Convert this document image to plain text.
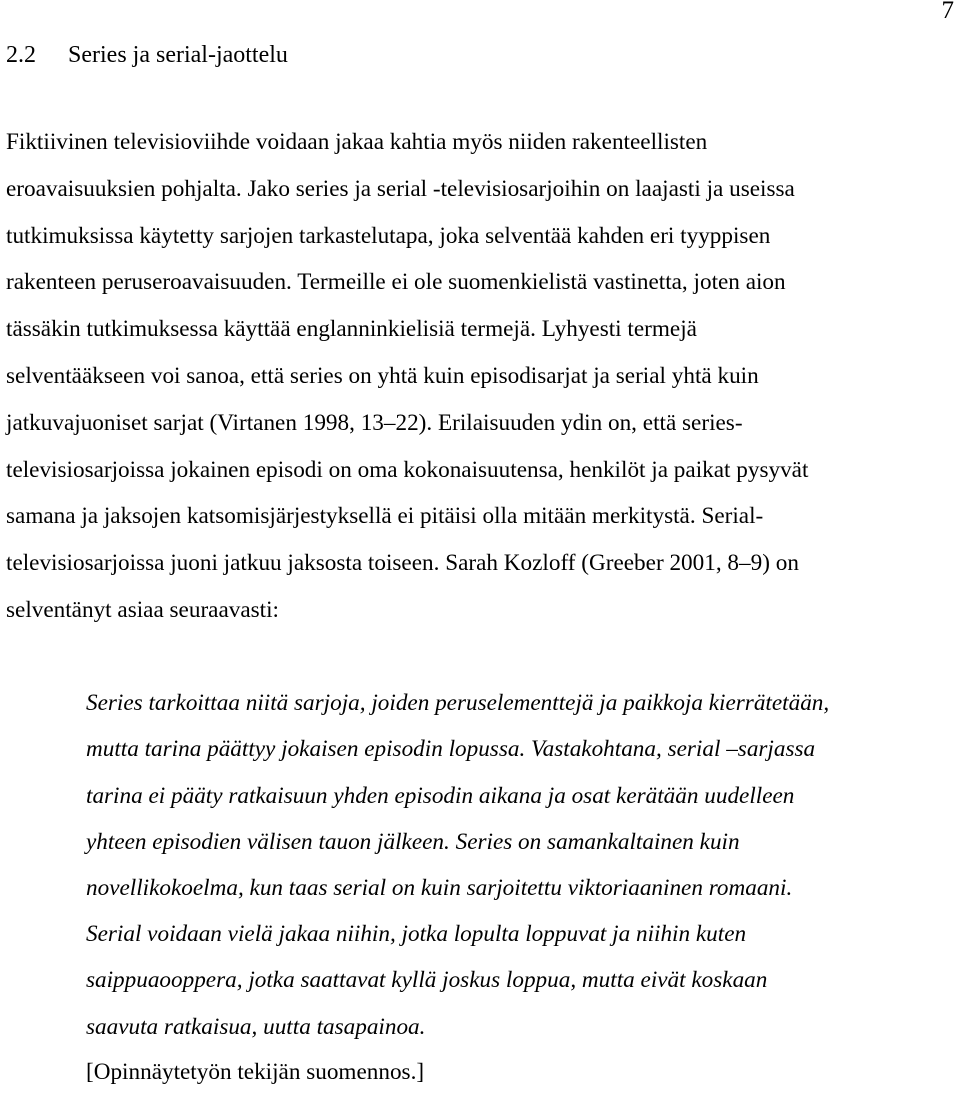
7
2.2 Series ja serial-jaottelu
Fiktiivinen televisioviihde voidaan jakaa kahtia myös niiden rakenteellisten
eroavaisuuksien pohjalta. Jako series ja serial -televisiosarjoihin on laajasti ja useissa
tutkimuksissa käytetty sarjojen tarkastelutapa, joka selventää kahden eri tyyppisen
rakenteen peruseroavaisuuden. Termeille ei ole suomenkielistä vastinetta, joten aion
tässäkin tutkimuksessa käyttää englanninkielisiä termejä. Lyhyesti termejä
selventääkseen voi sanoa, että series on yhtä kuin episodisarjat ja serial yhtä kuin
jatkuvajuoniset sarjat (Virtanen 1998, 13–22). Erilaisuuden ydin on, että series-
televisiosarjoissa jokainen episodi on oma kokonaisuutensa, henkilöt ja paikat pysyvät
samana ja jaksojen katsomisjärjestyksellä ei pitäisi olla mitään merkitystä. Serial-
televisiosarjoissa juoni jatkuu jaksosta toiseen. Sarah Kozloff (Greeber 2001, 8–9) on
selventänyt asiaa seuraavasti:
Series tarkoittaa niitä sarjoja, joiden peruselementtejä ja paikkoja kierrätetään,
mutta tarina päättyy jokaisen episodin lopussa. Vastakohtana, serial –sarjassa
tarina ei pääty ratkaisuun yhden episodin aikana ja osat kerätään uudelleen
yhteen episodien välisen tauon jälkeen. Series on samankaltainen kuin
novellikokoelma, kun taas serial on kuin sarjoitettu viktoriaaninen romaani.
Serial voidaan vielä jakaa niihin, jotka lopulta loppuvat ja niihin kuten
saippuaooppera, jotka saattavat kyllä joskus loppua, mutta eivät koskaan
saavuta ratkaisua, uutta tasapainoa.
[Opinnäytetyön tekijän suomennos.]
